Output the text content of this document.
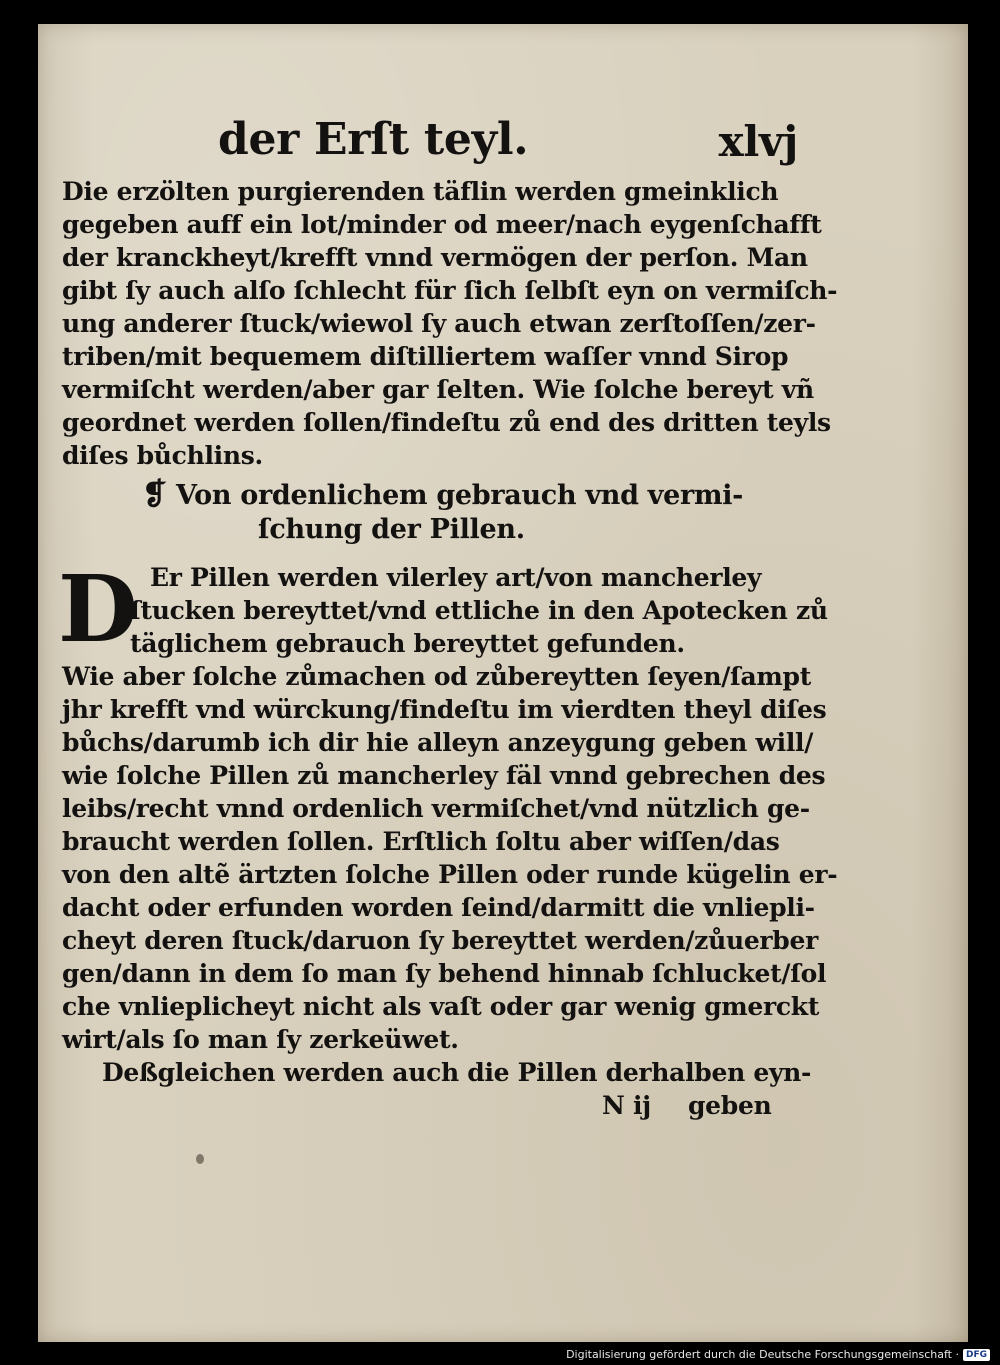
der Erſt teyl.	xlvj
Die erzölten purgierenden täflin werden gmeinklich
gegeben auff ein lot/minder od meer/nach eygenſchafft
der kranckheyt/krefft vnnd vermögen der perſon. Man
gibt ſy auch alſo ſchlecht für ſich ſelbſt eyn on vermiſch-
ung anderer ſtuck/wiewol ſy auch etwan zerſtoſſen/zer-
triben/mit bequemem diſtilliertem waſſer vnnd Sirop
vermiſcht werden/aber gar ſelten. Wie ſolche bereyt vñ
geordnet werden ſollen/findeſtu zů end des dritten teyls
diſes bůchlins.
❡ Von ordenlichem gebrauch vnd vermi-
ſchung der Pillen.
D Er Pillen werden vilerley art/von mancherley
ſtucken bereyttet/vnd ettliche in den Apotecken zů
täglichem gebrauch bereyttet gefunden.
Wie aber ſolche zůmachen od zůbereytten ſeyen/ſampt
jhr krefft vnd würckung/findeſtu im vierdten theyl diſes
bůchs/darumb ich dir hie alleyn anzeygung geben will/
wie ſolche Pillen zů mancherley fäl vnnd gebrechen des
leibs/recht vnnd ordenlich vermiſchet/vnd nützlich ge-
braucht werden ſollen. Erſtlich ſoltu aber wiſſen/das
von den altẽ ärtzten ſolche Pillen oder runde kügelin er-
dacht oder erfunden worden ſeind/darmitt die vnliepli-
cheyt deren ſtuck/daruon ſy bereyttet werden/zůuerber
gen/dann in dem ſo man ſy behend hinnab ſchlucket/ſol
che vnlieplicheyt nicht als vaſt oder gar wenig gmerckt
wirt/als ſo man ſy zerkeüwet.
Deßgleichen werden auch die Pillen derhalben eyn-
N ij geben
Digitalisierung gefördert durch die Deutsche Forschungsgemeinschaft · DFG
